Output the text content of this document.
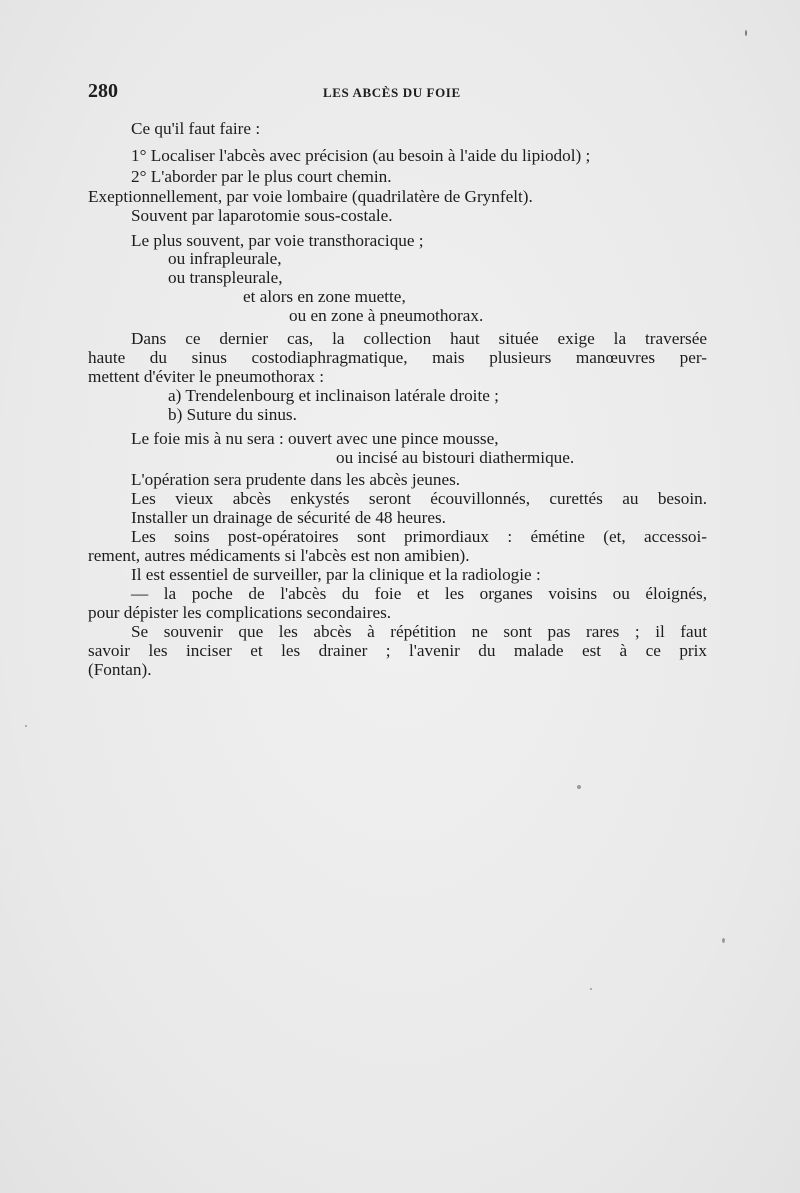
280	LES ABCÈS DU FOIE
Ce qu'il faut faire :
1° Localiser l'abcès avec précision (au besoin à l'aide du lipiodol) ;
2° L'aborder par le plus court chemin.
Exeptionnellement, par voie lombaire (quadrilatère de Grynfelt).
Souvent par laparotomie sous-costale.
Le plus souvent, par voie transthoracique ;
ou infrapleurale,
ou transpleurale,
et alors en zone muette,
ou en zone à pneumothorax.
Dans ce dernier cas, la collection haut située exige la traversée
haute du sinus costodiaphragmatique, mais plusieurs manœuvres per-
mettent d'éviter le pneumothorax :
a) Trendelenbourg et inclinaison latérale droite ;
b) Suture du sinus.
Le foie mis à nu sera : ouvert avec une pince mousse,
ou incisé au bistouri diathermique.
L'opération sera prudente dans les abcès jeunes.
Les vieux abcès enkystés seront écouvillonnés, curettés au besoin.
Installer un drainage de sécurité de 48 heures.
Les soins post-opératoires sont primordiaux : émétine (et, accessoi-
rement, autres médicaments si l'abcès est non amibien).
Il est essentiel de surveiller, par la clinique et la radiologie :
— la poche de l'abcès du foie et les organes voisins ou éloignés,
pour dépister les complications secondaires.
Se souvenir que les abcès à répétition ne sont pas rares ; il faut
savoir les inciser et les drainer ; l'avenir du malade est à ce prix
(Fontan).
